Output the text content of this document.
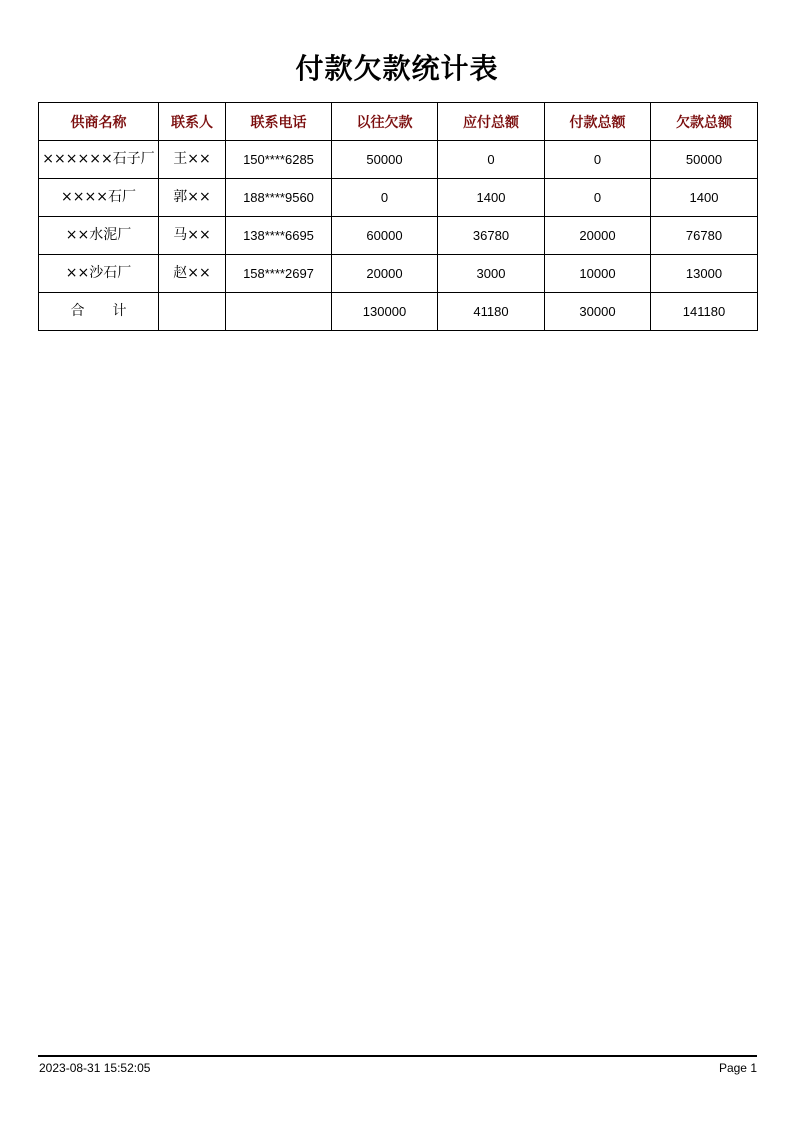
付款欠款统计表
供商名称	联系人	联系电话	以往欠款	应付总额	付款总额	欠款总额
××××××石子厂	王××	150****6285	50000	0	0	50000
××××石厂	郭××	188****9560	0	1400	0	1400
××水泥厂	马××	138****6695	60000	36780	20000	76780
××沙石厂	赵××	158****2697	20000	3000	10000	13000
合　　计			130000	41180	30000	141180
2023-08-31 15:52:05	Page 1
